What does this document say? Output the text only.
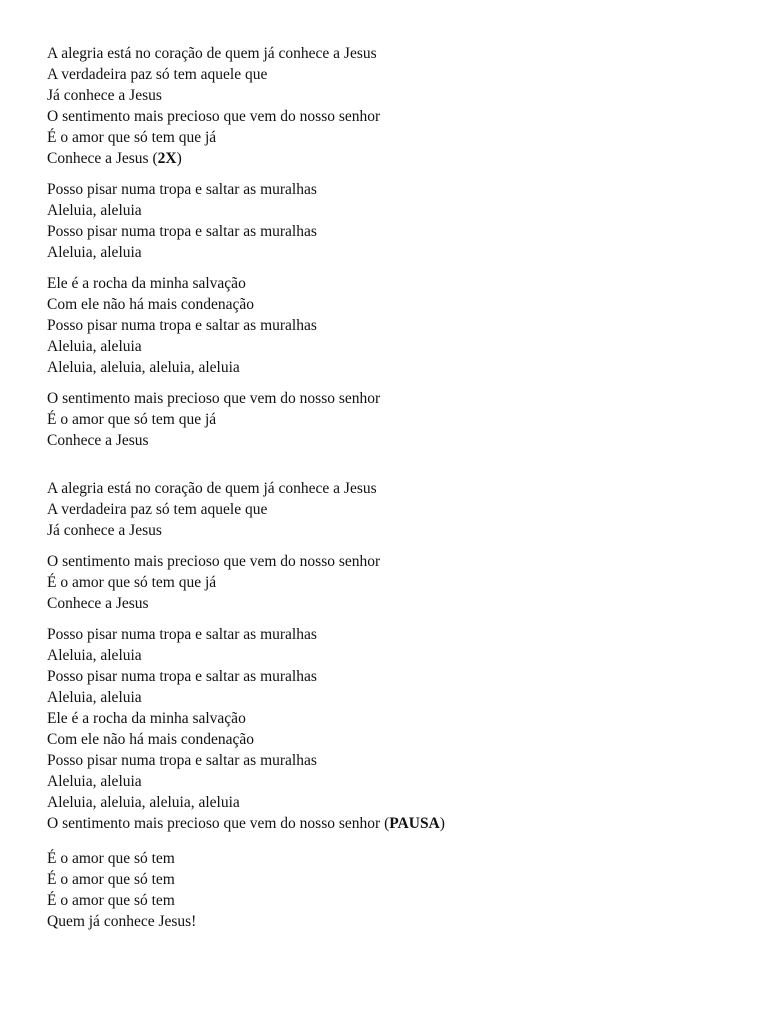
A alegria está no coração de quem já conhece a Jesus
A verdadeira paz só tem aquele que
Já conhece a Jesus
O sentimento mais precioso que vem do nosso senhor
É o amor que só tem que já
Conhece a Jesus (2X)
Posso pisar numa tropa e saltar as muralhas
Aleluia, aleluia
Posso pisar numa tropa e saltar as muralhas
Aleluia, aleluia
Ele é a rocha da minha salvação
Com ele não há mais condenação
Posso pisar numa tropa e saltar as muralhas
Aleluia, aleluia
Aleluia, aleluia, aleluia, aleluia
O sentimento mais precioso que vem do nosso senhor
É o amor que só tem que já
Conhece a Jesus
A alegria está no coração de quem já conhece a Jesus
A verdadeira paz só tem aquele que
Já conhece a Jesus
O sentimento mais precioso que vem do nosso senhor
É o amor que só tem que já
Conhece a Jesus
Posso pisar numa tropa e saltar as muralhas
Aleluia, aleluia
Posso pisar numa tropa e saltar as muralhas
Aleluia, aleluia
Ele é a rocha da minha salvação
Com ele não há mais condenação
Posso pisar numa tropa e saltar as muralhas
Aleluia, aleluia
Aleluia, aleluia, aleluia, aleluia
O sentimento mais precioso que vem do nosso senhor (PAUSA)
É o amor que só tem
É o amor que só tem
É o amor que só tem
Quem já conhece Jesus!
